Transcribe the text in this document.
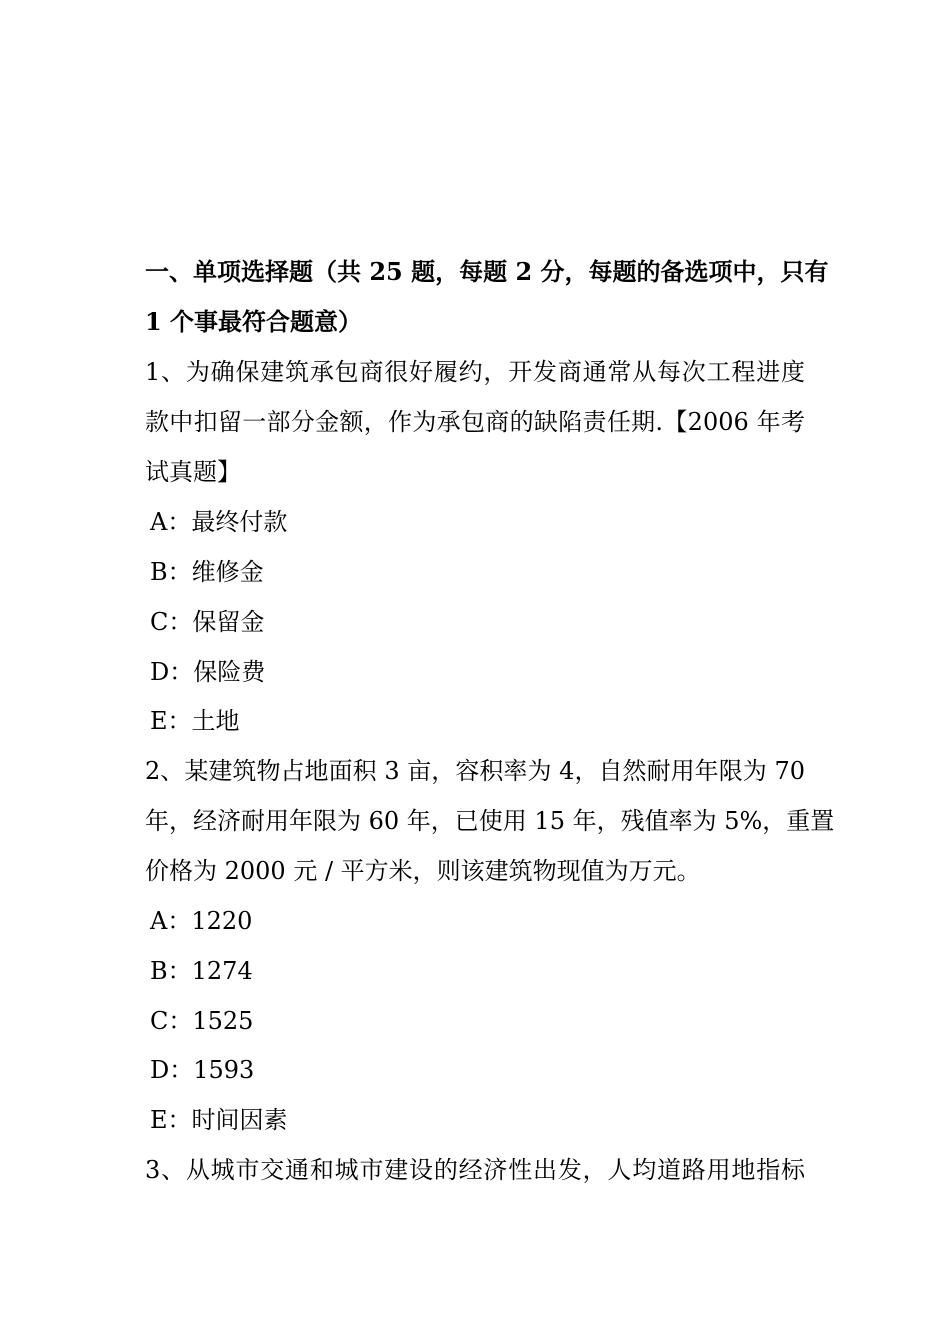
一、单项选择题（共 25 题，每题 2 分，每题的备选项中，只有
1 个事最符合题意）
1、为确保建筑承包商很好履约，开发商通常从每次工程进度
款中扣留一部分金额，作为承包商的缺陷责任期.【2006 年考
试真题】
A：最终付款
B：维修金
C：保留金
D：保险费
E：土地
2、某建筑物占地面积 3 亩，容积率为 4，自然耐用年限为 70
年，经济耐用年限为 60 年，已使用 15 年，残值率为 5%，重置
价格为 2000 元 / 平方米，则该建筑物现值为万元。
A：1220
B：1274
C：1525
D：1593
E：时间因素
3、从城市交通和城市建设的经济性出发，人均道路用地指标
